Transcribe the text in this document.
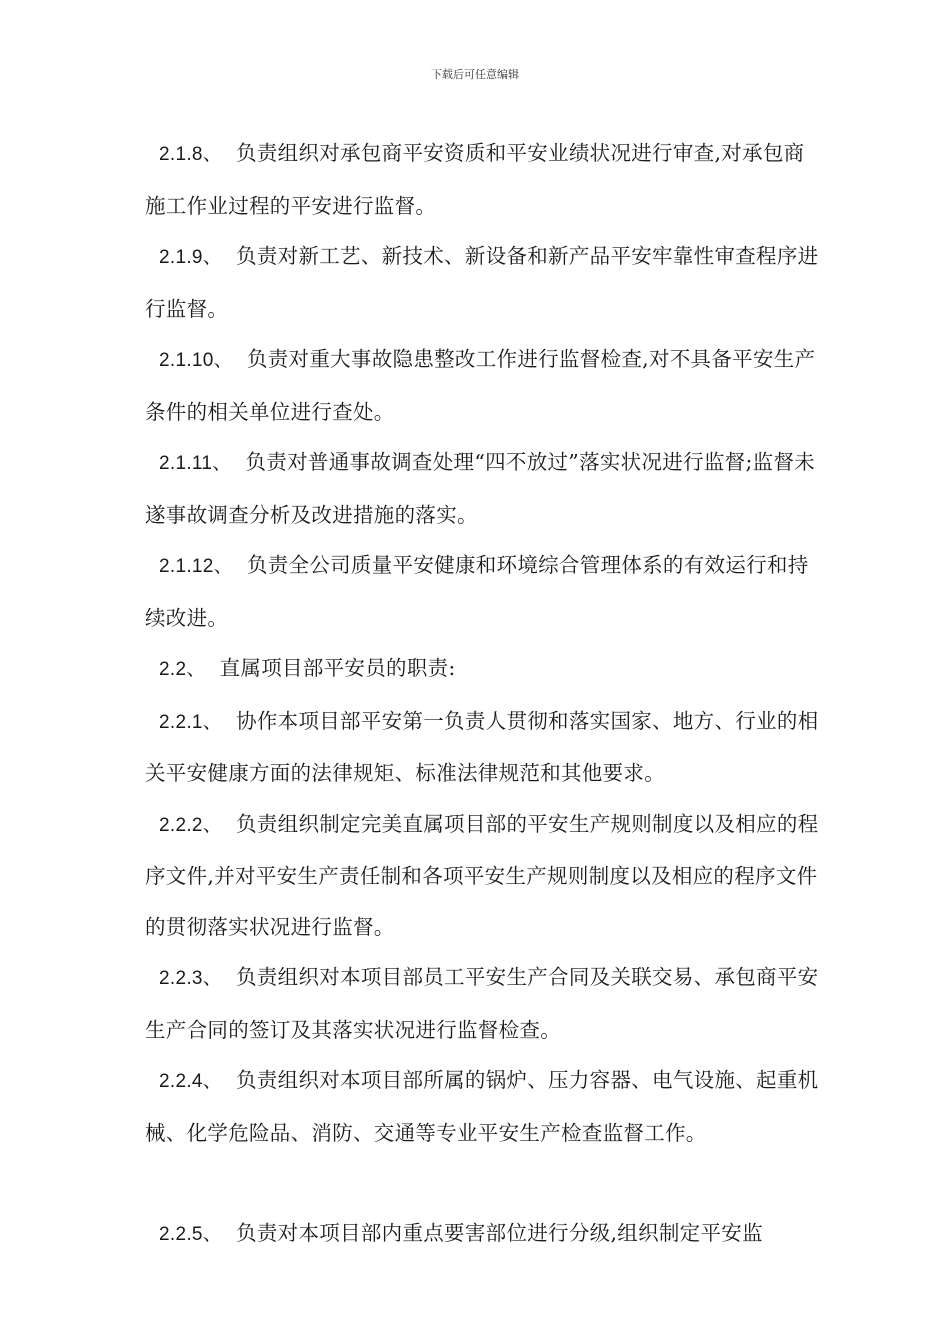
下载后可任意编辑

2.1.8、 负责组织对承包商平安资质和平安业绩状况进行审查,对承包商施工作业过程的平安进行监督。

2.1.9、 负责对新工艺、新技术、新设备和新产品平安牢靠性审查程序进行监督。

2.1.10、 负责对重大事故隐患整改工作进行监督检查,对不具备平安生产条件的相关单位进行查处。

2.1.11、 负责对普通事故调查处理“四不放过”落实状况进行监督;监督未遂事故调查分析及改进措施的落实。

2.1.12、 负责全公司质量平安健康和环境综合管理体系的有效运行和持续改进。

2.2、 直属项目部平安员的职责:

2.2.1、 协作本项目部平安第一负责人贯彻和落实国家、地方、行业的相关平安健康方面的法律规矩、标准法律规范和其他要求。

2.2.2、 负责组织制定完美直属项目部的平安生产规则制度以及相应的程序文件,并对平安生产责任制和各项平安生产规则制度以及相应的程序文件的贯彻落实状况进行监督。

2.2.3、 负责组织对本项目部员工平安生产合同及关联交易、承包商平安生产合同的签订及其落实状况进行监督检查。

2.2.4、 负责组织对本项目部所属的锅炉、压力容器、电气设施、起重机械、化学危险品、消防、交通等专业平安生产检查监督工作。

2.2.5、 负责对本项目部内重点要害部位进行分级,组织制定平安监
